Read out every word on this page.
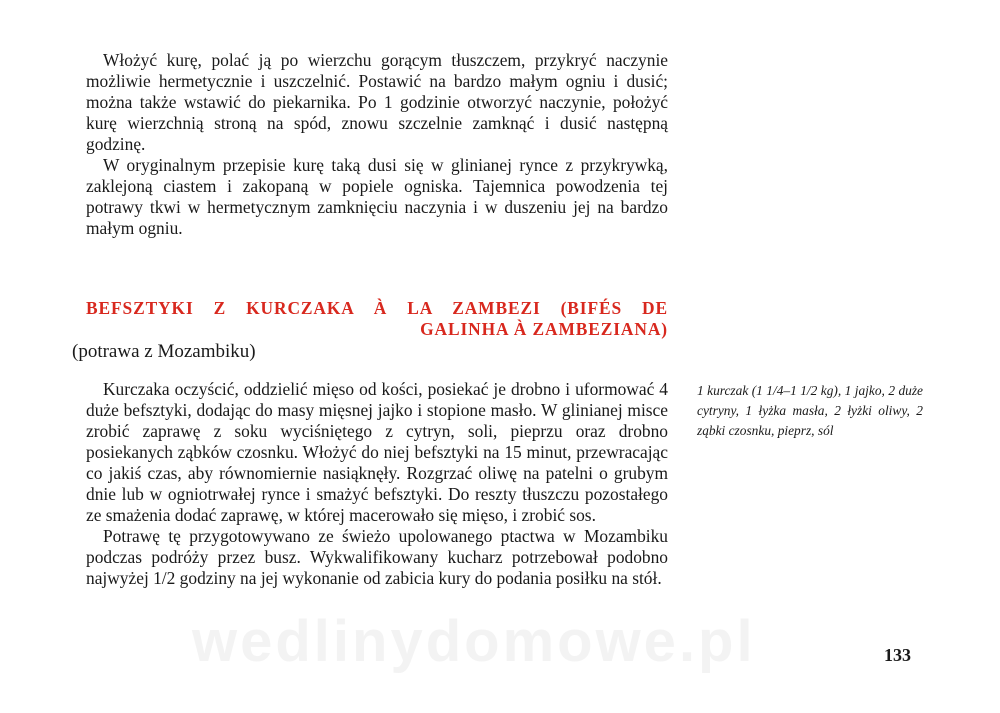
Włożyć kurę, polać ją po wierzchu gorącym tłuszczem, przykryć naczynie możliwie hermetycznie i uszczelnić. Postawić na bardzo małym ogniu i dusić; można także wstawić do piekarnika. Po 1 godzinie otworzyć naczynie, położyć kurę wierzchnią stroną na spód, znowu szczelnie zamknąć i dusić następną godzinę.

W oryginalnym przepisie kurę taką dusi się w glinianej rynce z przykrywką, zaklejoną ciastem i zakopaną w popiele ogniska. Tajemnica powodzenia tej potrawy tkwi w hermetycznym zamknięciu naczynia i w duszeniu jej na bardzo małym ogniu.

BEFSZTYKI Z KURCZAKA À LA ZAMBEZI (BIFÉS DE
GALINHA À ZAMBEZIANA)
(potrawa z Mozambiku)

Kurczaka oczyścić, oddzielić mięso od kości, posiekać je drobno i uformować 4 duże befsztyki, dodając do masy mięsnej jajko i stopione masło. W glinianej misce zrobić zaprawę z soku wyciśniętego z cytryn, soli, pieprzu oraz drobno posiekanych ząbków czosnku. Włożyć do niej befsztyki na 15 minut, przewracając co jakiś czas, aby równomiernie nasiąknęły. Rozgrzać oliwę na patelni o grubym dnie lub w ogniotrwałej rynce i smażyć befsztyki. Do reszty tłuszczu pozostałego ze smażenia dodać zaprawę, w której macerowało się mięso, i zrobić sos.

Potrawę tę przygotowywano ze świeżo upolowanego ptactwa w Mozambiku podczas podróży przez busz. Wykwalifikowany kucharz potrzebował podobno najwyżej 1/2 godziny na jej wykonanie od zabicia kury do podania posiłku na stół.

1 kurczak (1 1/4–1 1/2 kg), 1 jajko, 2 duże cytryny, 1 łyżka masła, 2 łyżki oliwy, 2 ząbki czosnku, pieprz, sól
wedlinydomowe.pl	133
